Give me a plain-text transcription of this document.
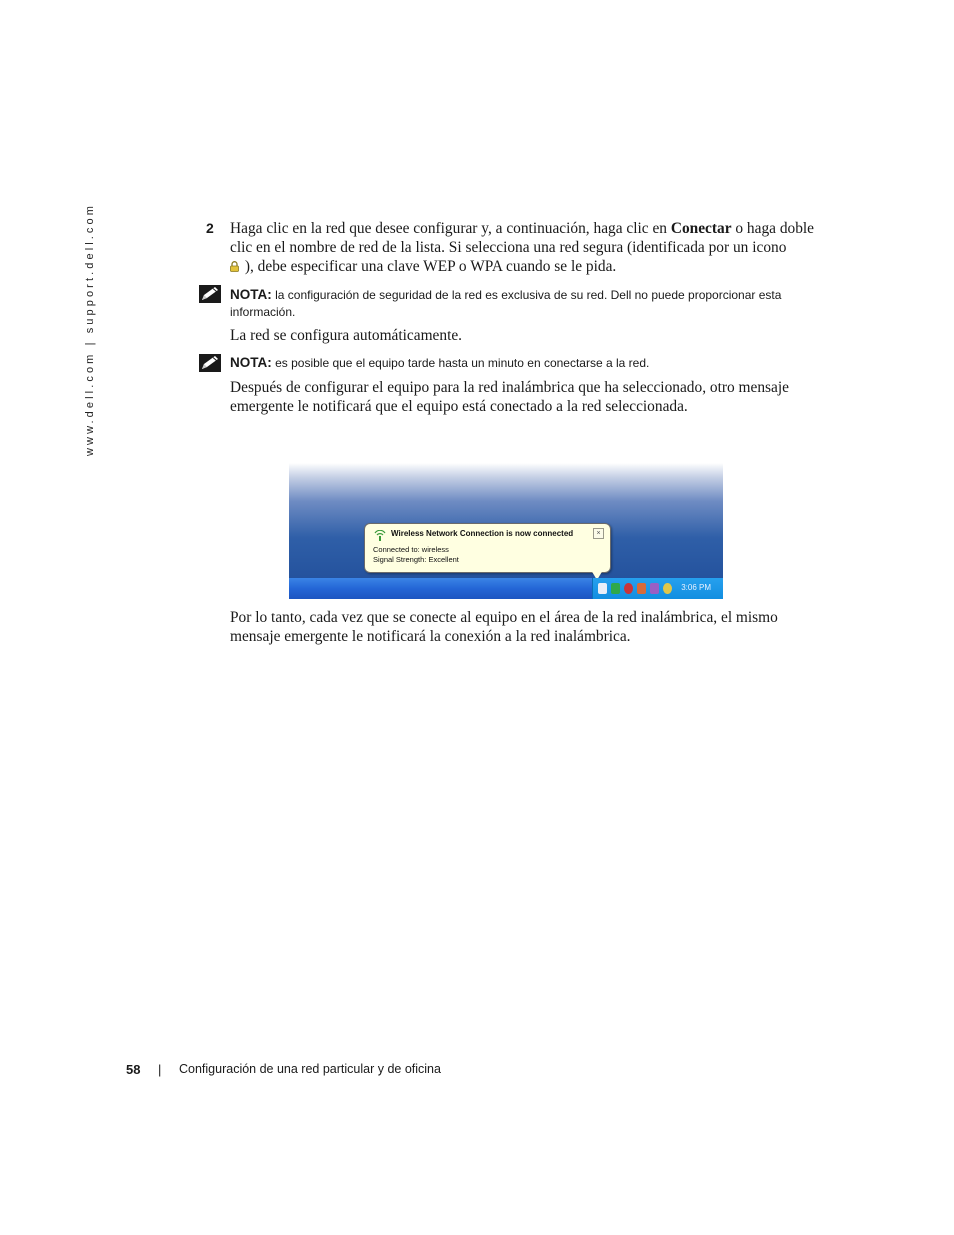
www.dell.com | support.dell.com	2 Haga clic en la red que desee configurar y, a continuación, haga clic en Conectar o haga doble clic en el nombre de red de la lista. Si selecciona una red segura (identificada por un icono
), debe especificar una clave WEP o WPA cuando se le pida.
NOTA: la configuración de seguridad de la red es exclusiva de su red. Dell no puede proporcionar esta información.
La red se configura automáticamente.
NOTA: es posible que el equipo tarde hasta un minuto en conectarse a la red.
Después de configurar el equipo para la red inalámbrica que ha seleccionado, otro mensaje emergente le notificará que el equipo está conectado a la red seleccionada.
Wireless Network Connection is now connected
Connected to: wireless
Signal Strength: Excellent
×
3:06 PM
Por lo tanto, cada vez que se conecte al equipo en el área de la red inalámbrica, el mismo mensaje emergente le notificará la conexión a la red inalámbrica.
58 | Configuración de una red particular y de oficina
